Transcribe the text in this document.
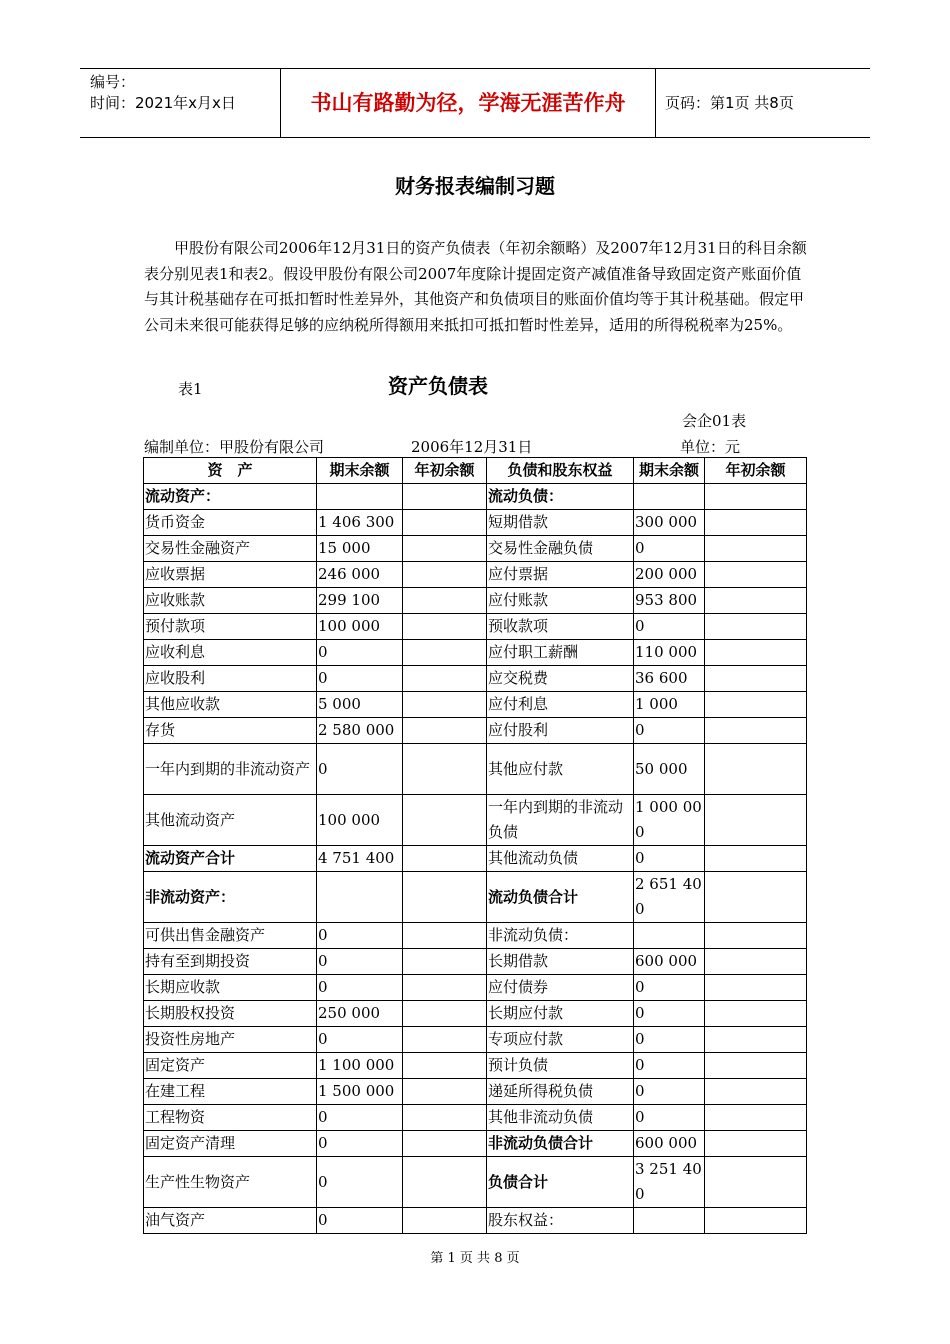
编号：
时间：2021年x月x日	书山有路勤为径，学海无涯苦作舟	页码：第1页 共8页
财务报表编制习题
甲股份有限公司2006年12月31日的资产负债表（年初余额略）及2007年12月31日的科目余额表分别见表1和表2。假设甲股份有限公司2007年度除计提固定资产减值准备导致固定资产账面价值与其计税基础存在可抵扣暂时性差异外，其他资产和负债项目的账面价值均等于其计税基础。假定甲公司未来很可能获得足够的应纳税所得额用来抵扣可抵扣暂时性差异，适用的所得税税率为25%。
表1	资产负债表
会企01表
编制单位：甲股份有限公司	2006年12月31日	单位：元
资　产	期末余额	年初余额	负债和股东权益	期末余额	年初余额
流动资产：			流动负债：		
货币资金	1 406 300		短期借款	300 000	
交易性金融资产	15 000		交易性金融负债	0	
应收票据	246 000		应付票据	200 000	
应收账款	299 100		应付账款	953 800	
预付款项	100 000		预收款项	0	
应收利息	0		应付职工薪酬	110 000	
应收股利	0		应交税费	36 600	
其他应收款	5 000		应付利息	1 000	
存货	2 580 000		应付股利	0	
一年内到期的非流动资产	0		其他应付款	50 000	
其他流动资产	100 000		一年内到期的非流动负债	1 000 000	
流动资产合计	4 751 400		其他流动负债	0	
非流动资产：			流动负债合计	2 651 400	
可供出售金融资产	0		非流动负债：		
持有至到期投资	0		长期借款	600 000	
长期应收款	0		应付债券	0	
长期股权投资	250 000		长期应付款	0	
投资性房地产	0		专项应付款	0	
固定资产	1 100 000		预计负债	0	
在建工程	1 500 000		递延所得税负债	0	
工程物资	0		其他非流动负债	0	
固定资产清理	0		非流动负债合计	600 000	
生产性生物资产	0		负债合计	3 251 400	
油气资产	0		股东权益：		
第 1 页 共 8 页
